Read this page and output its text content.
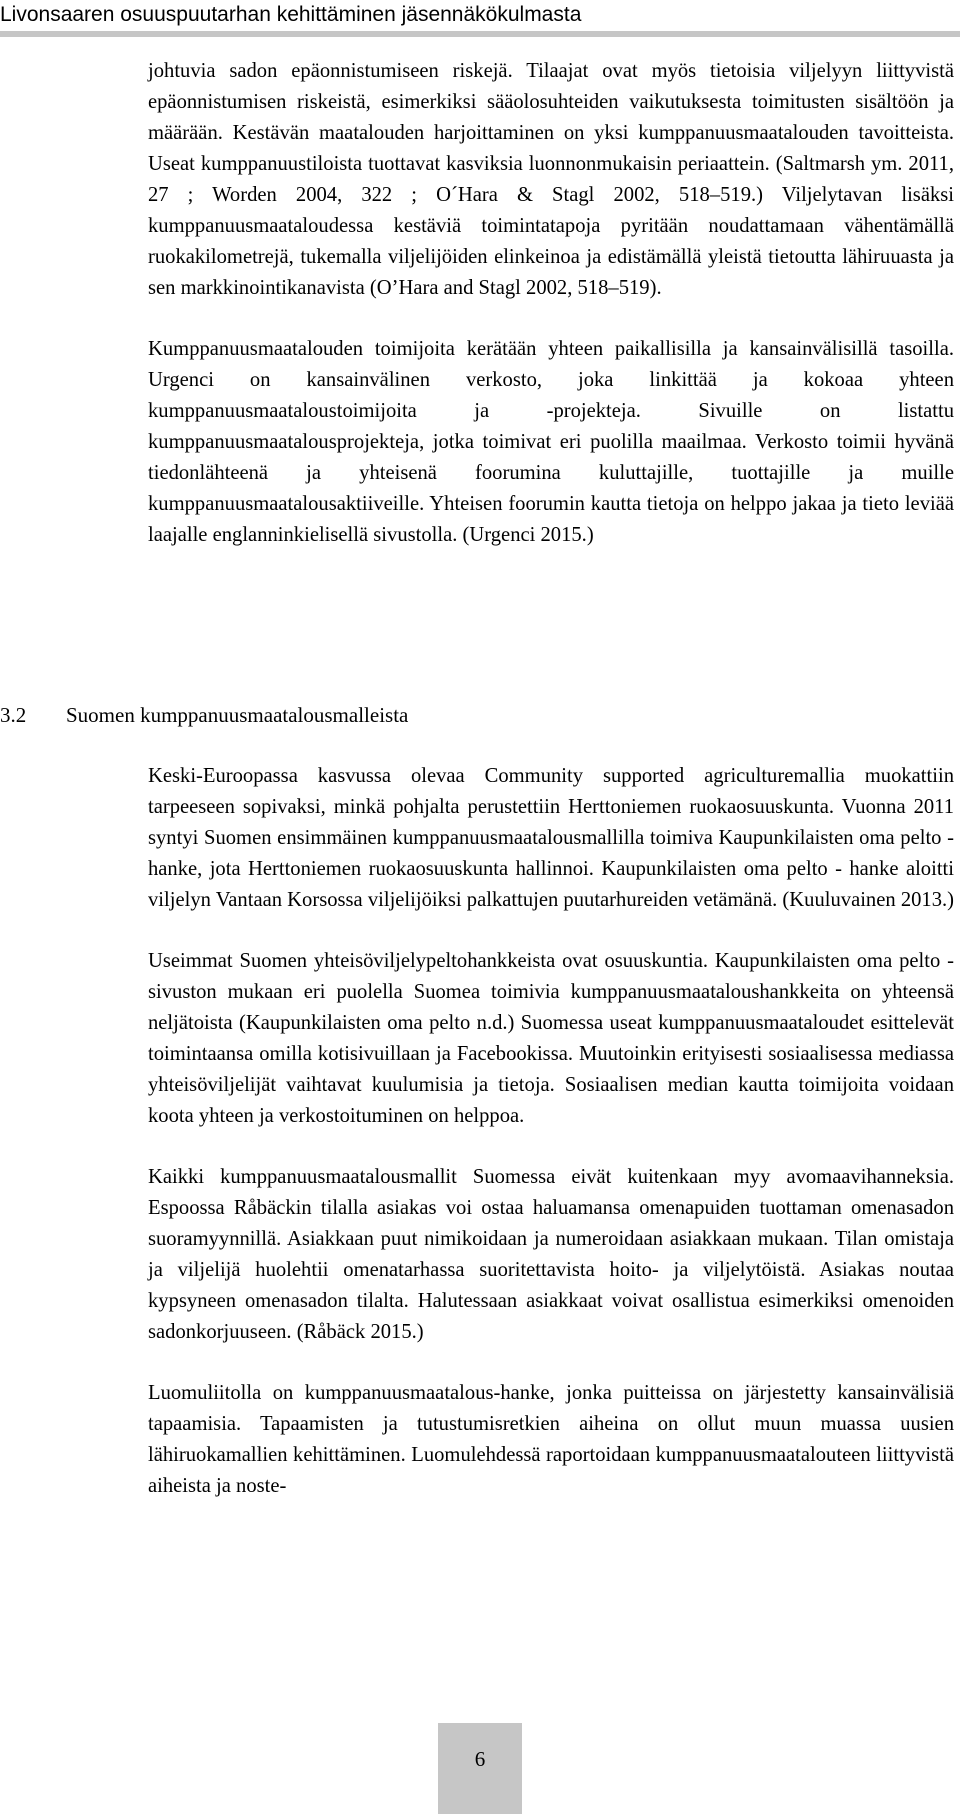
Livonsaaren osuuspuutarhan kehittäminen jäsennäkökulmasta

johtuvia sadon epäonnistumiseen riskejä. Tilaajat ovat myös tietoisia viljelyyn liittyvistä epäonnistumisen riskeistä, esimerkiksi sääolosuhteiden vaikutuksesta toimitusten sisältöön ja määrään. Kestävän maatalouden harjoittaminen on yksi kumppanuusmaatalouden tavoitteista. Useat kumppanuustiloista tuottavat kasviksia luonnonmukaisin periaattein. (Saltmarsh ym. 2011, 27 ; Worden 2004, 322 ; O´Hara & Stagl 2002, 518–519.) Viljelytavan lisäksi kumppanuusmaataloudessa kestäviä toimintatapoja pyritään noudattamaan vähentämällä ruokakilometrejä, tukemalla viljelijöiden elinkeinoa ja edistämällä yleistä tietoutta lähiruuasta ja sen markkinointikanavista (O’Hara and Stagl 2002, 518–519).

Kumppanuusmaatalouden toimijoita kerätään yhteen paikallisilla ja kansainvälisillä tasoilla. Urgenci on kansainvälinen verkosto, joka linkittää ja kokoaa yhteen kumppanuusmaataloustoimijoita ja -projekteja. Sivuille on listattu kumppanuusmaatalousprojekteja, jotka toimivat eri puolilla maailmaa. Verkosto toimii hyvänä tiedonlähteenä ja yhteisenä foorumina kuluttajille, tuottajille ja muille kumppanuusmaatalousaktiiveille. Yhteisen foorumin kautta tietoja on helppo jakaa ja tieto leviää laajalle englanninkielisellä sivustolla. (Urgenci 2015.)

3.2 Suomen kumppanuusmaatalousmalleista

Keski-Euroopassa kasvussa olevaa Community supported agriculturemallia muokattiin tarpeeseen sopivaksi, minkä pohjalta perustettiin Herttoniemen ruokaosuuskunta. Vuonna 2011 syntyi Suomen ensimmäinen kumppanuusmaatalousmallilla toimiva Kaupunkilaisten oma pelto -hanke, jota Herttoniemen ruokaosuuskunta hallinnoi. Kaupunkilaisten oma pelto - hanke aloitti viljelyn Vantaan Korsossa viljelijöiksi palkattujen puutarhureiden vetämänä. (Kuuluvainen 2013.)

Useimmat Suomen yhteisöviljelypeltohankkeista ovat osuuskuntia. Kaupunkilaisten oma pelto -sivuston mukaan eri puolella Suomea toimivia kumppanuusmaataloushankkeita on yhteensä neljätoista (Kaupunkilaisten oma pelto n.d.) Suomessa useat kumppanuusmaataloudet esittelevät toimintaansa omilla kotisivuillaan ja Facebookissa. Muutoinkin erityisesti sosiaalisessa mediassa yhteisöviljelijät vaihtavat kuulumisia ja tietoja. Sosiaalisen median kautta toimijoita voidaan koota yhteen ja verkostoituminen on helppoa.

Kaikki kumppanuusmaatalousmallit Suomessa eivät kuitenkaan myy avomaavihanneksia. Espoossa Råbäckin tilalla asiakas voi ostaa haluamansa omenapuiden tuottaman omenasadon suoramyynnillä. Asiakkaan puut nimikoidaan ja numeroidaan asiakkaan mukaan. Tilan omistaja ja viljelijä huolehtii omenatarhassa suoritettavista hoito- ja viljelytöistä. Asiakas noutaa kypsyneen omenasadon tilalta. Halutessaan asiakkaat voivat osallistua esimerkiksi omenoiden sadonkorjuuseen. (Råbäck 2015.)

Luomuliitolla on kumppanuusmaatalous-hanke, jonka puitteissa on järjestetty kansainvälisiä tapaamisia. Tapaamisten ja tutustumisretkien aiheina on ollut muun muassa uusien lähiruokamallien kehittäminen. Luomulehdessä raportoidaan kumppanuusmaatalouteen liittyvistä aiheista ja noste-

6
